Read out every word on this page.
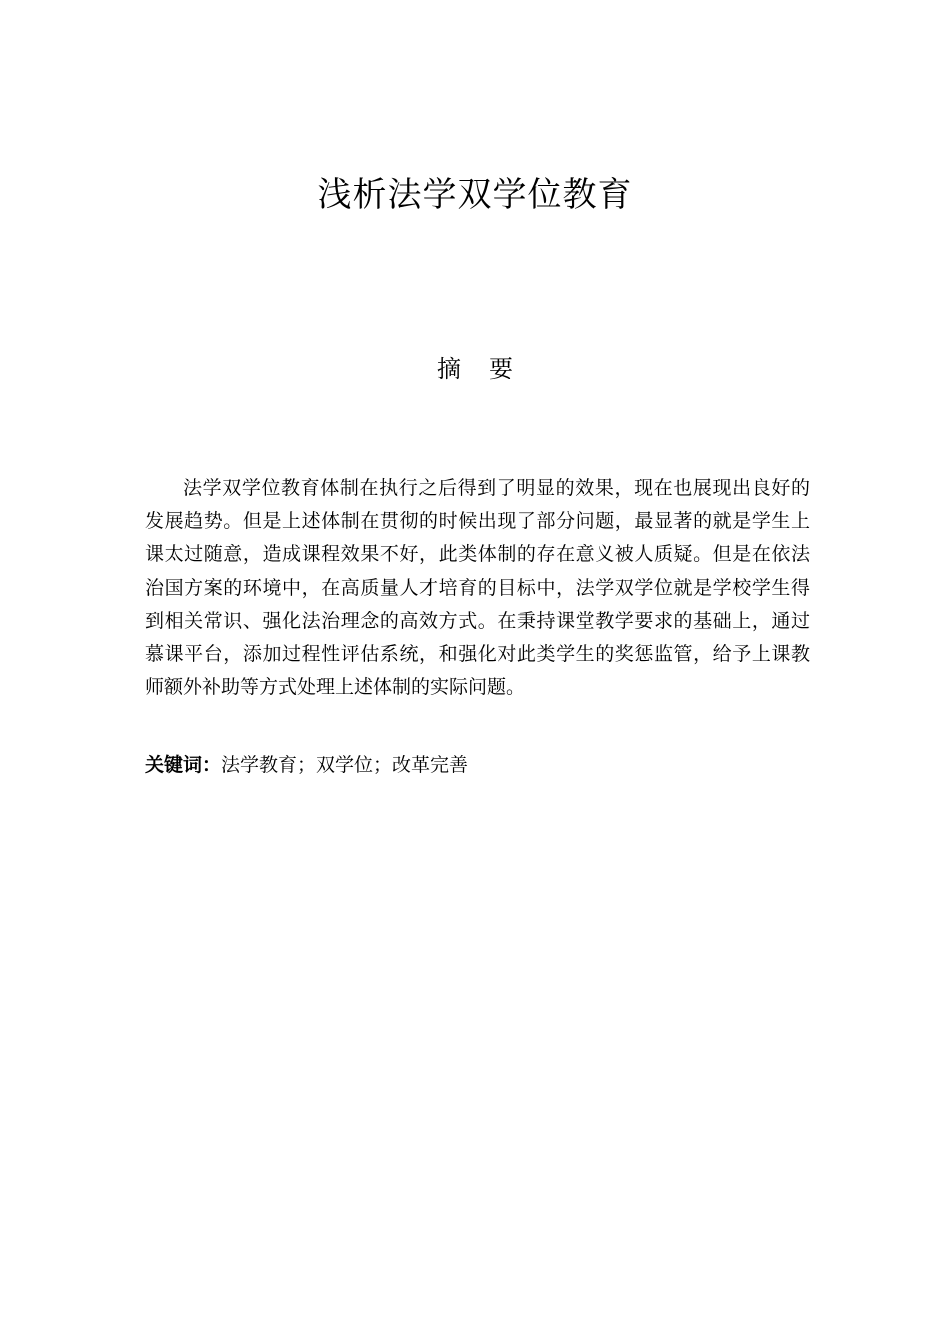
浅析法学双学位教育
摘 要

法学双学位教育体制在执行之后得到了明显的效果，现在也展现出良好的
发展趋势。但是上述体制在贯彻的时候出现了部分问题，最显著的就是学生上
课太过随意，造成课程效果不好，此类体制的存在意义被人质疑。但是在依法
治国方案的环境中，在高质量人才培育的目标中，法学双学位就是学校学生得
到相关常识、强化法治理念的高效方式。在秉持课堂教学要求的基础上，通过
慕课平台，添加过程性评估系统，和强化对此类学生的奖惩监管，给予上课教
师额外补助等方式处理上述体制的实际问题。

关键词：法学教育；双学位；改革完善
